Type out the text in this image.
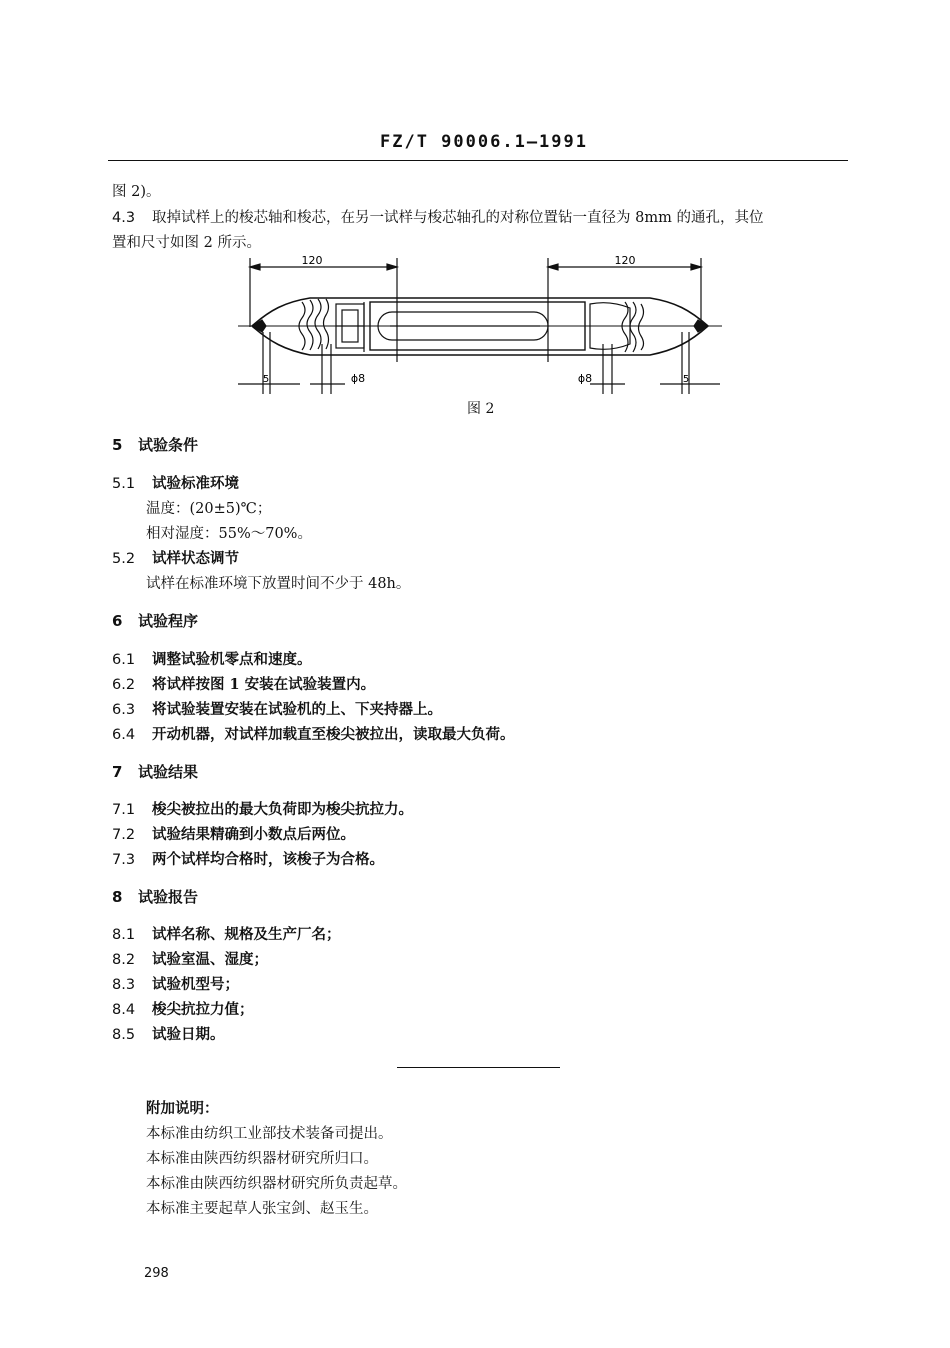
FZ/T 90006.1—1991
图 2)。
4.3 取掉试样上的梭芯轴和梭芯，在另一试样与梭芯轴孔的对称位置钻一直径为 8mm 的通孔，其位
置和尺寸如图 2 所示。
120	120
5	5
ϕ8	ϕ8
图 2
5 试验条件
5.1 试验标准环境
温度：(20±5)℃；
相对湿度：55%～70%。
5.2 试样状态调节
试样在标准环境下放置时间不少于 48h。
6 试验程序
6.1 调整试验机零点和速度。
6.2 将试样按图 1 安装在试验装置内。
6.3 将试验装置安装在试验机的上、下夹持器上。
6.4 开动机器，对试样加载直至梭尖被拉出，读取最大负荷。
7 试验结果
7.1 梭尖被拉出的最大负荷即为梭尖抗拉力。
7.2 试验结果精确到小数点后两位。
7.3 两个试样均合格时，该梭子为合格。
8 试验报告
8.1 试样名称、规格及生产厂名；
8.2 试验室温、湿度；
8.3 试验机型号；
8.4 梭尖抗拉力值；
8.5 试验日期。
附加说明：
本标准由纺织工业部技术装备司提出。
本标准由陕西纺织器材研究所归口。
本标准由陕西纺织器材研究所负责起草。
本标准主要起草人张宝剑、赵玉生。
298
